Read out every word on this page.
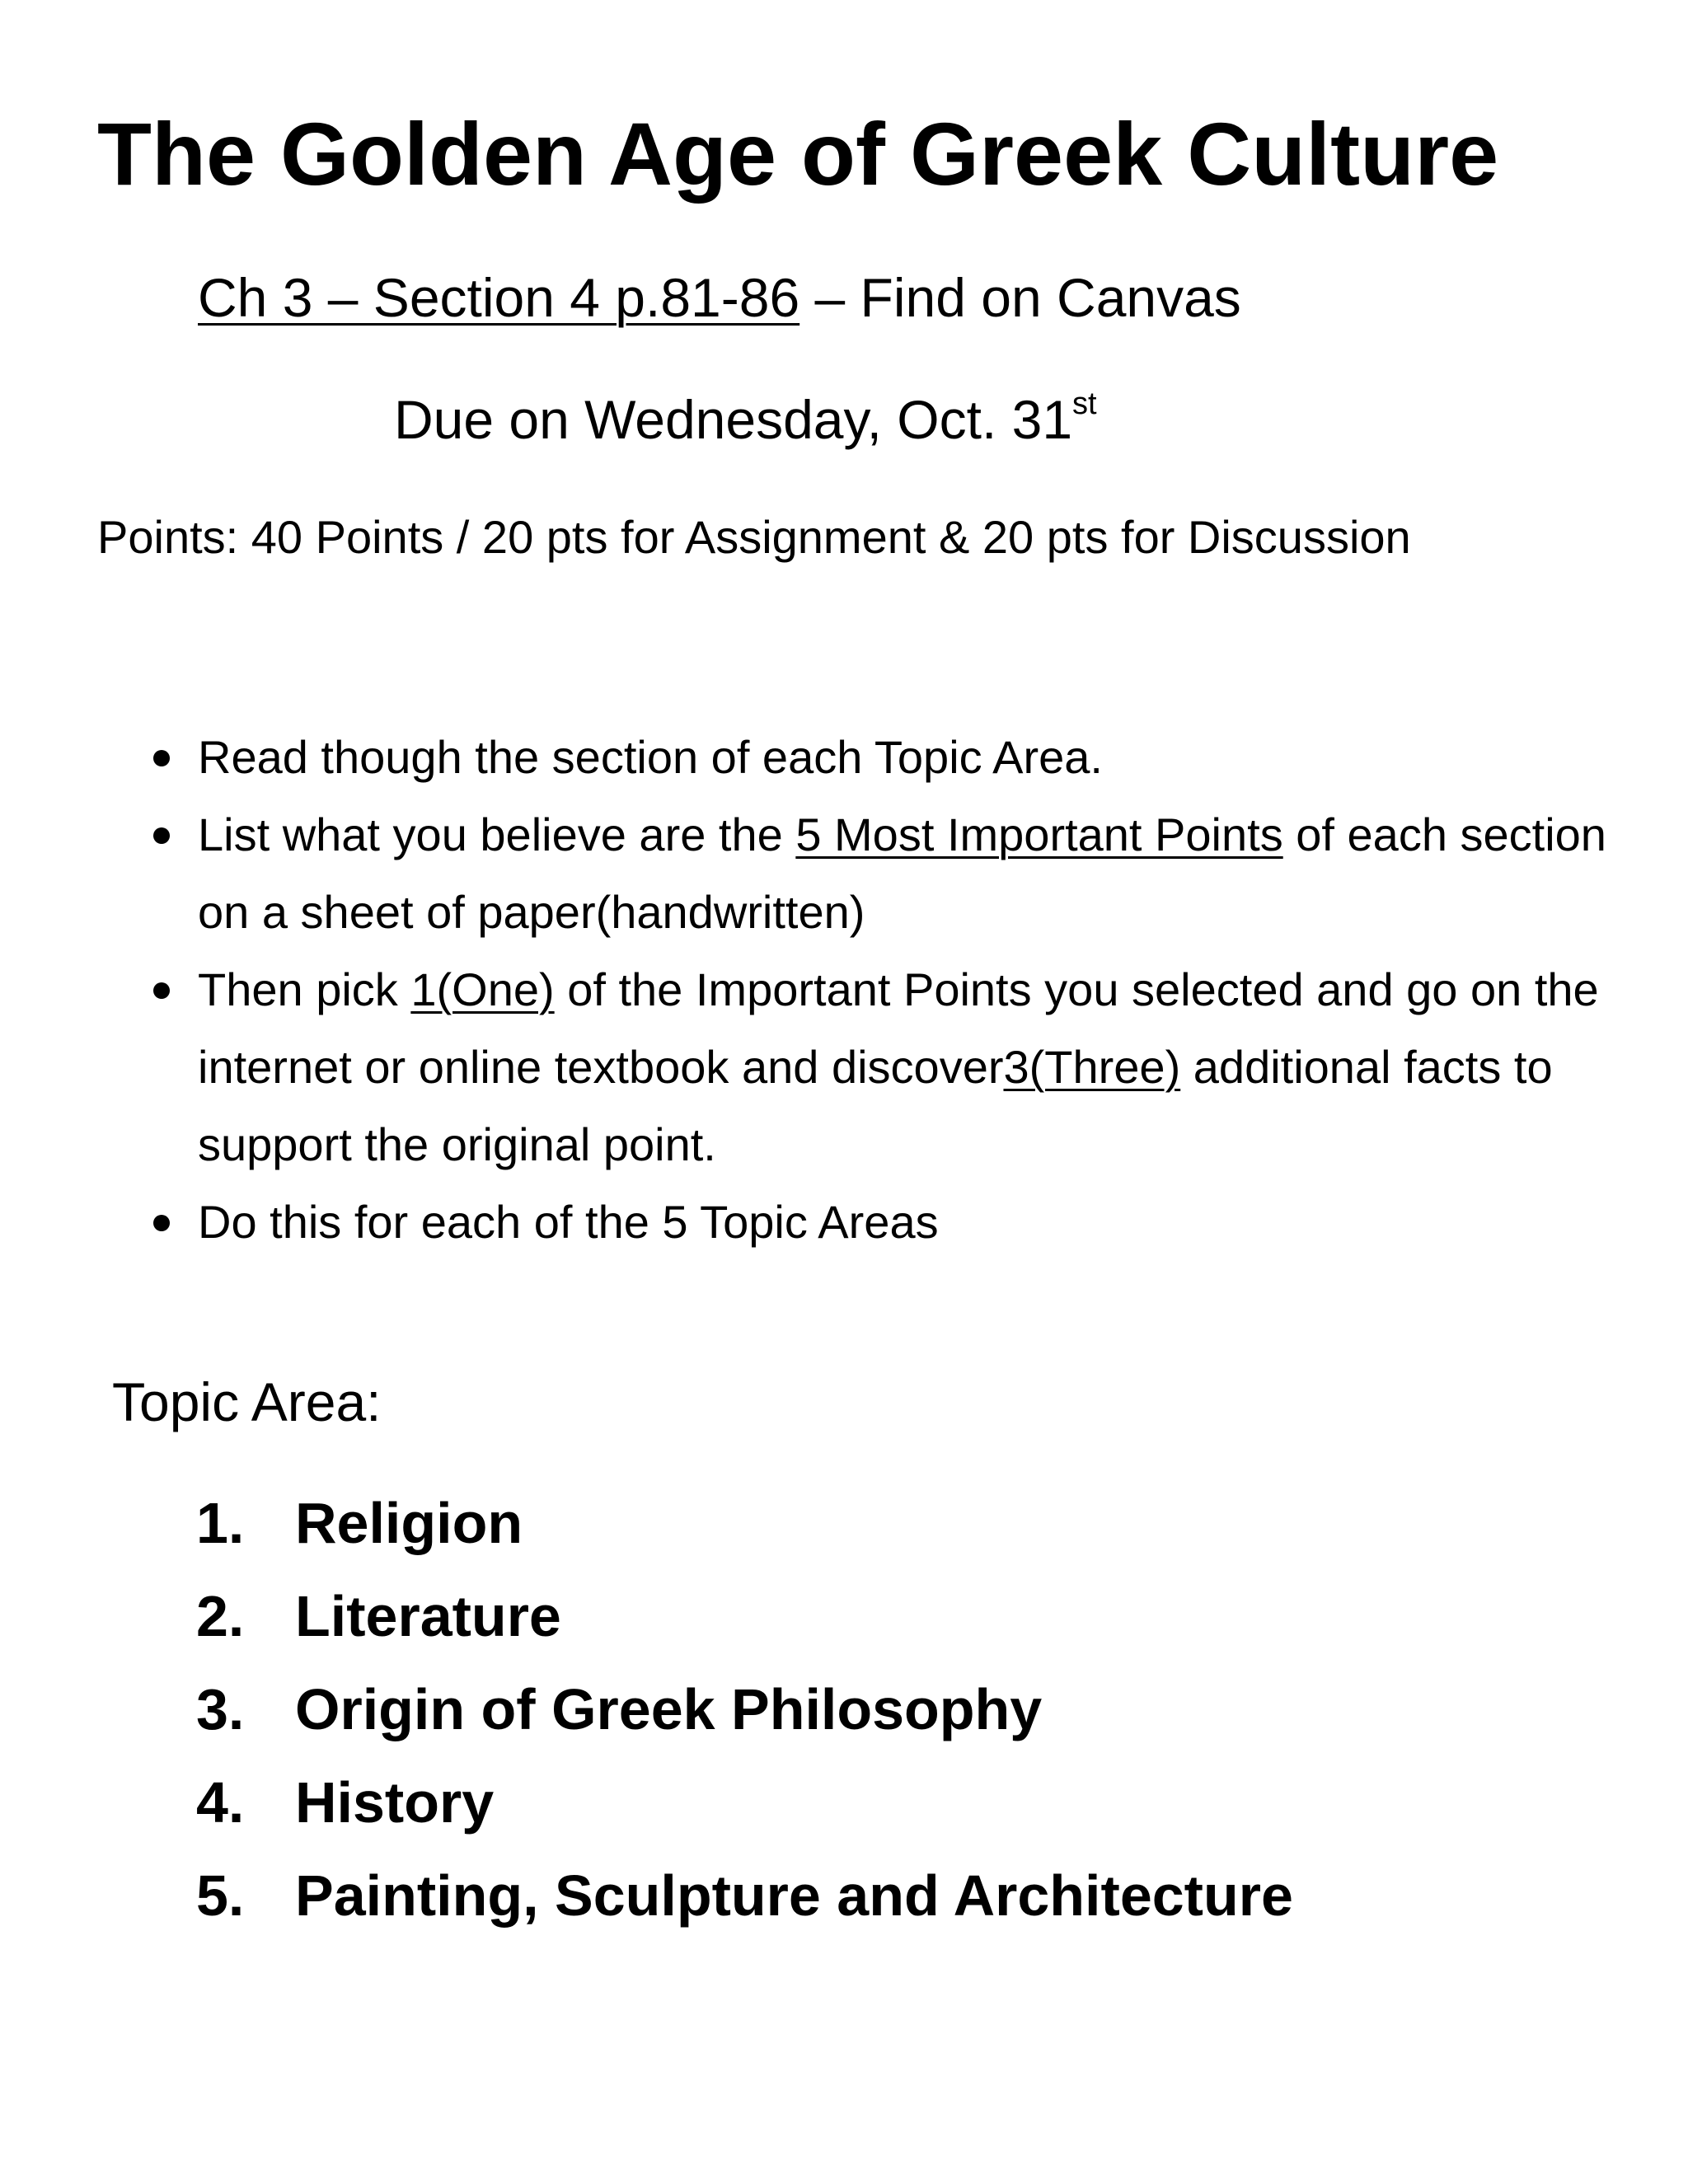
The Golden Age of Greek Culture
Ch 3 – Section 4 p.81-86 – Find on Canvas
Due on Wednesday, Oct. 31st
Points: 40 Points / 20 pts for Assignment & 20 pts for Discussion
Read though the section of each Topic Area.
List what you believe are the 5 Most Important Points of each section on a sheet of paper(handwritten)
Then pick 1(One) of the Important Points you selected and go on the internet or online textbook and discover3(Three) additional facts to support the original point.
Do this for each of the 5 Topic Areas
Topic Area:
1. Religion
2. Literature
3. Origin of Greek Philosophy
4. History
5. Painting, Sculpture and Architecture
